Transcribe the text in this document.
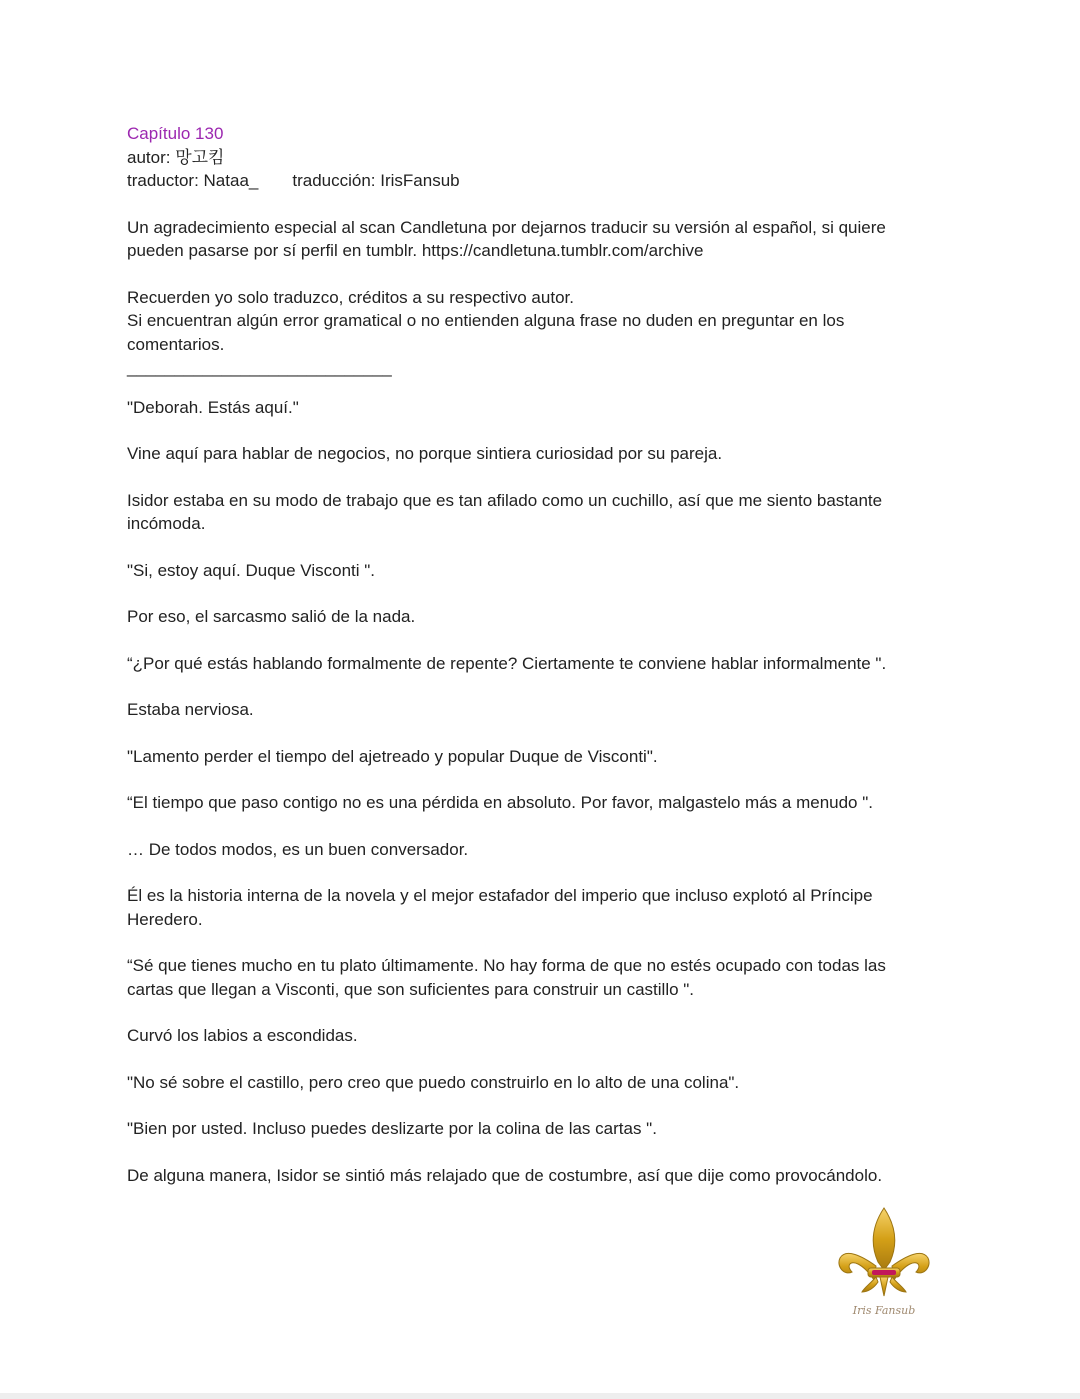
Capítulo 130

autor: 망고킴

traductor: Nataa_ traducción: IrisFansub

Un agradecimiento especial al scan Candletuna por dejarnos traducir su versión al español, si quiere pueden pasarse por sí perfil en tumblr. https://candletuna.tumblr.com/archive

Recuerden yo solo traduzco, créditos a su respectivo autor.

Si encuentran algún error gramatical o no entienden alguna frase no duden en preguntar en los comentarios.

____________________________

"Deborah. Estás aquí."

Vine aquí para hablar de negocios, no porque sintiera curiosidad por su pareja.

Isidor estaba en su modo de trabajo que es tan afilado como un cuchillo, así que me siento bastante incómoda.

"Si, estoy aquí. Duque Visconti ".

Por eso, el sarcasmo salió de la nada.

“¿Por qué estás hablando formalmente de repente? Ciertamente te conviene hablar informalmente ".

Estaba nerviosa.

"Lamento perder el tiempo del ajetreado y popular Duque de Visconti".

“El tiempo que paso contigo no es una pérdida en absoluto. Por favor, malgastelo más a menudo ".

… De todos modos, es un buen conversador.

Él es la historia interna de la novela y el mejor estafador del imperio que incluso explotó al Príncipe Heredero.

“Sé que tienes mucho en tu plato últimamente. No hay forma de que no estés ocupado con todas las cartas que llegan a Visconti, que son suficientes para construir un castillo ".

Curvó los labios a escondidas.

"No sé sobre el castillo, pero creo que puedo construirlo en lo alto de una colina".

"Bien por usted. Incluso puedes deslizarte por la colina de las cartas ".

De alguna manera, Isidor se sintió más relajado que de costumbre, así que dije como provocándolo.

Iris Fansub
